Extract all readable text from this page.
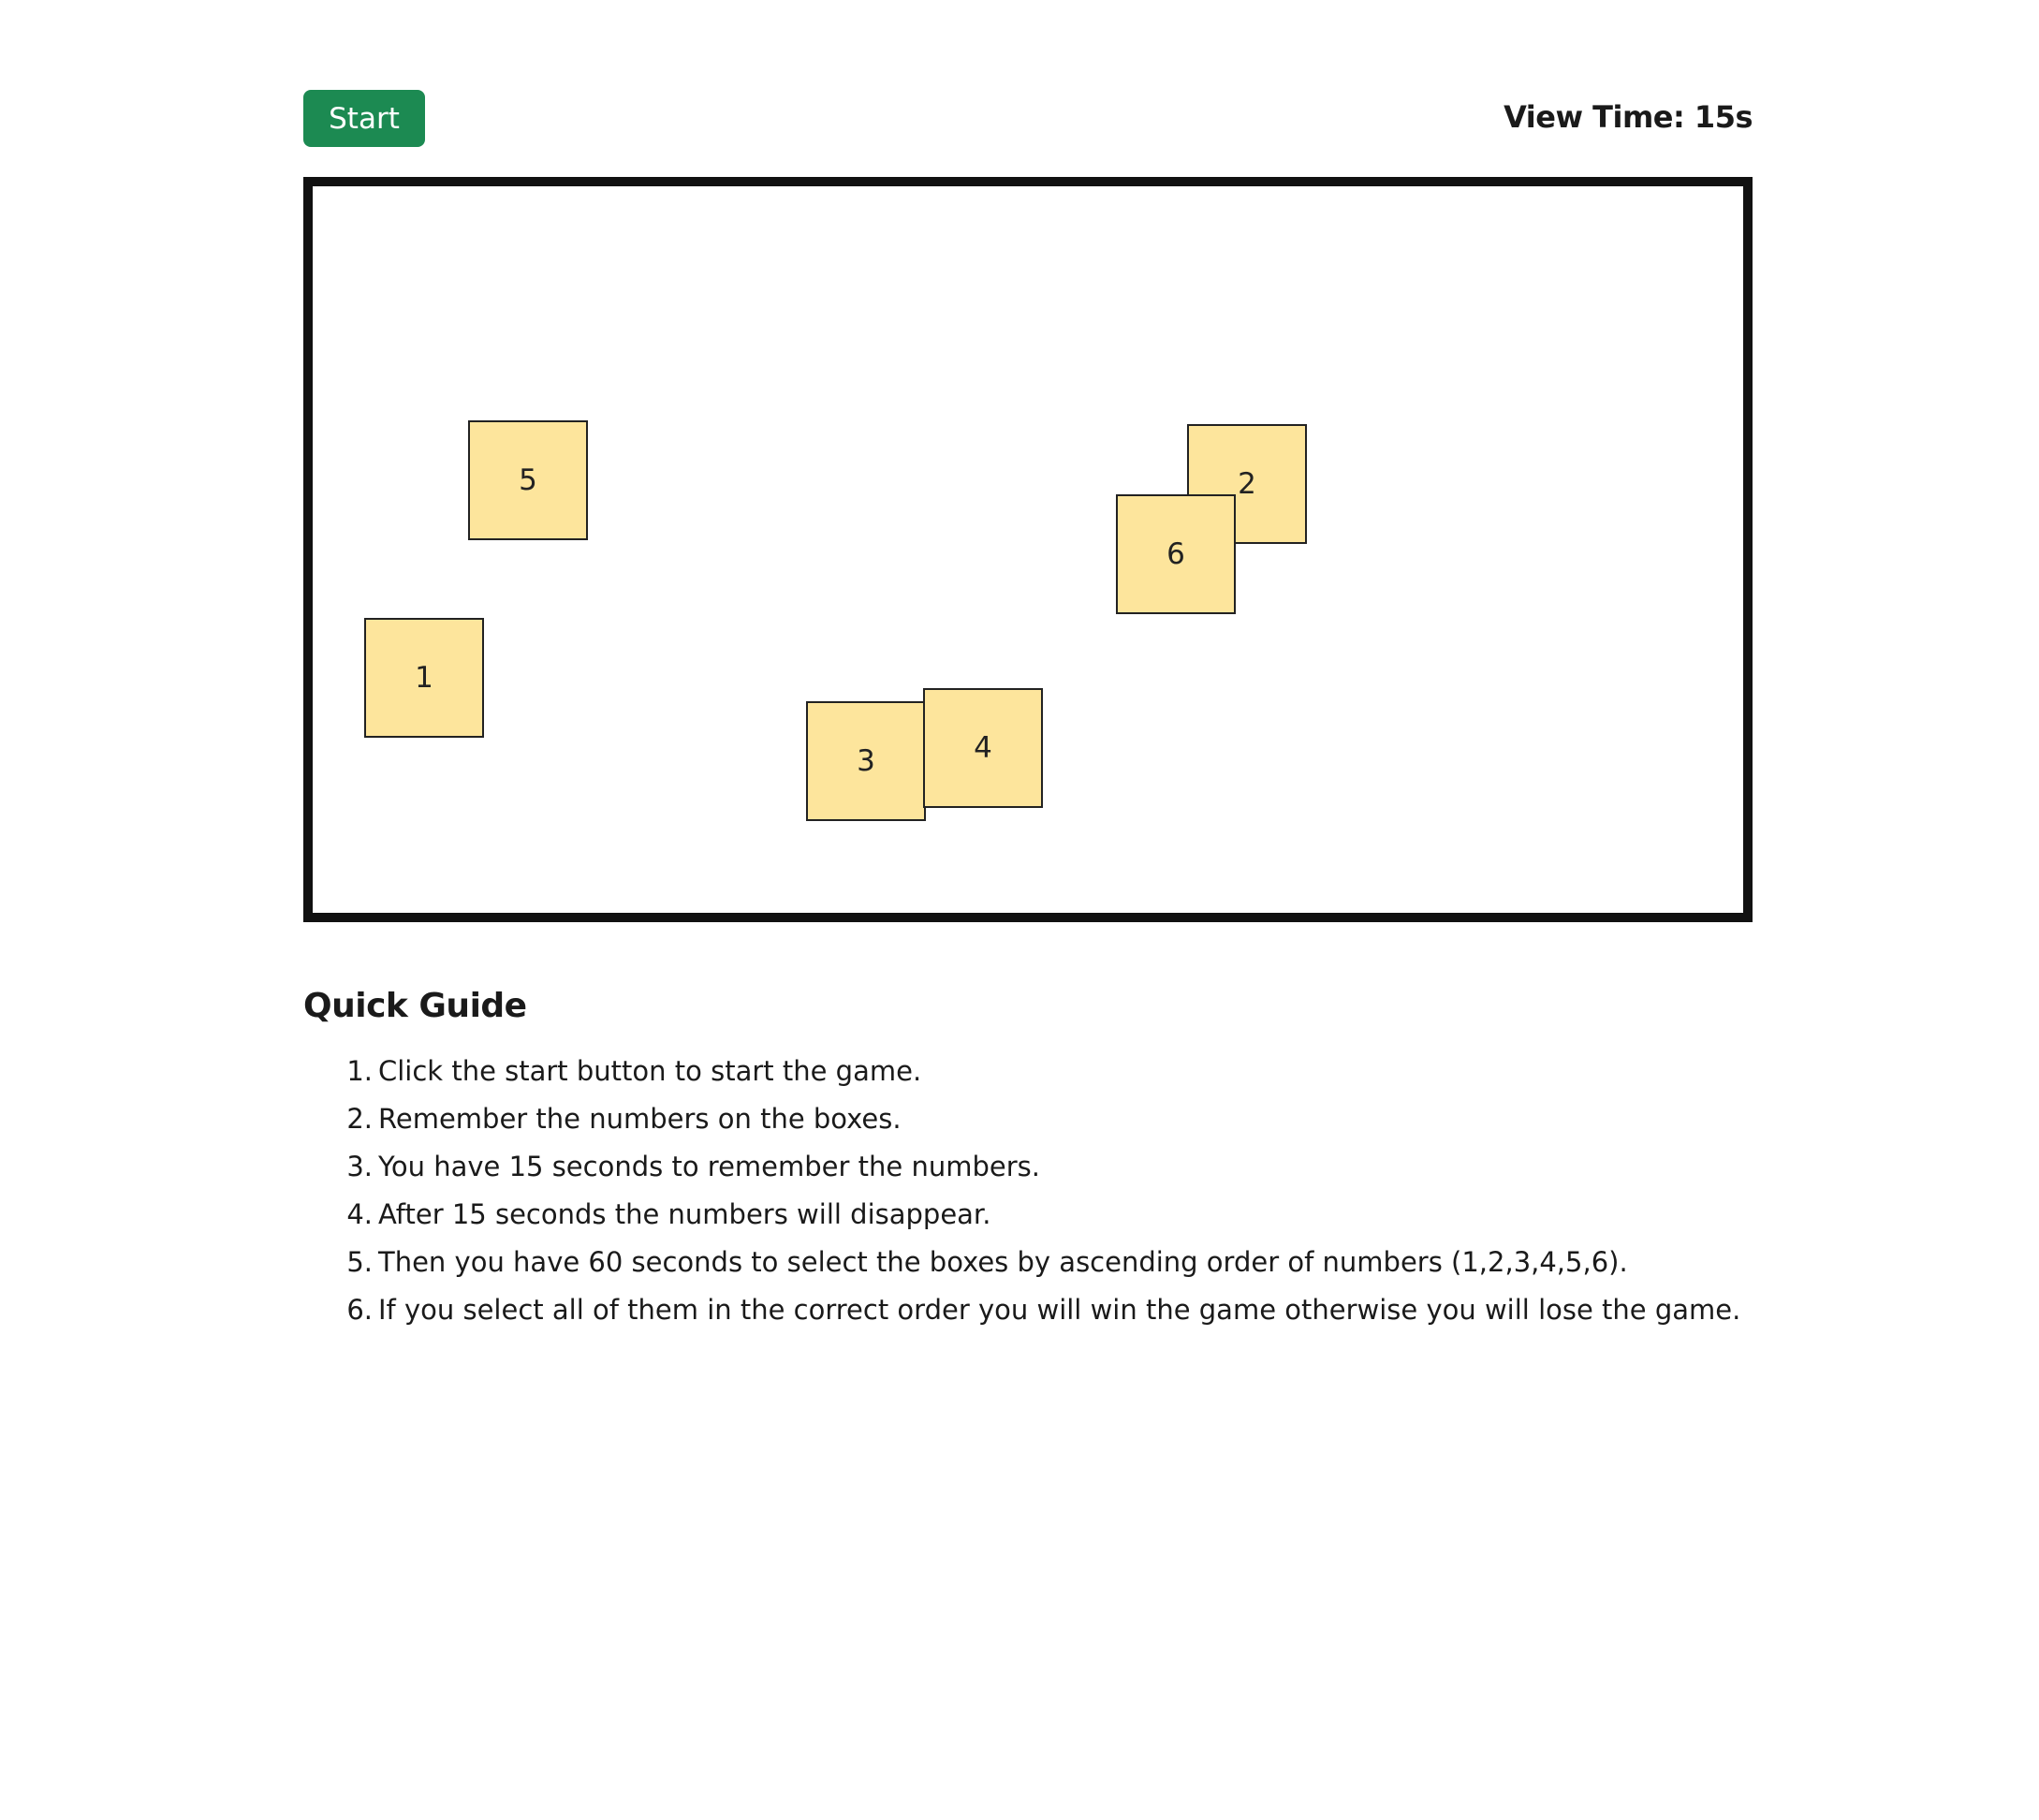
Start	View Time: 15s
5
1
3	4
2
6
Quick Guide
1. Click the start button to start the game.
2. Remember the numbers on the boxes.
3. You have 15 seconds to remember the numbers.
4. After 15 seconds the numbers will disappear.
5. Then you have 60 seconds to select the boxes by ascending order of numbers (1,2,3,4,5,6).
6. If you select all of them in the correct order you will win the game otherwise you will lose the game.
